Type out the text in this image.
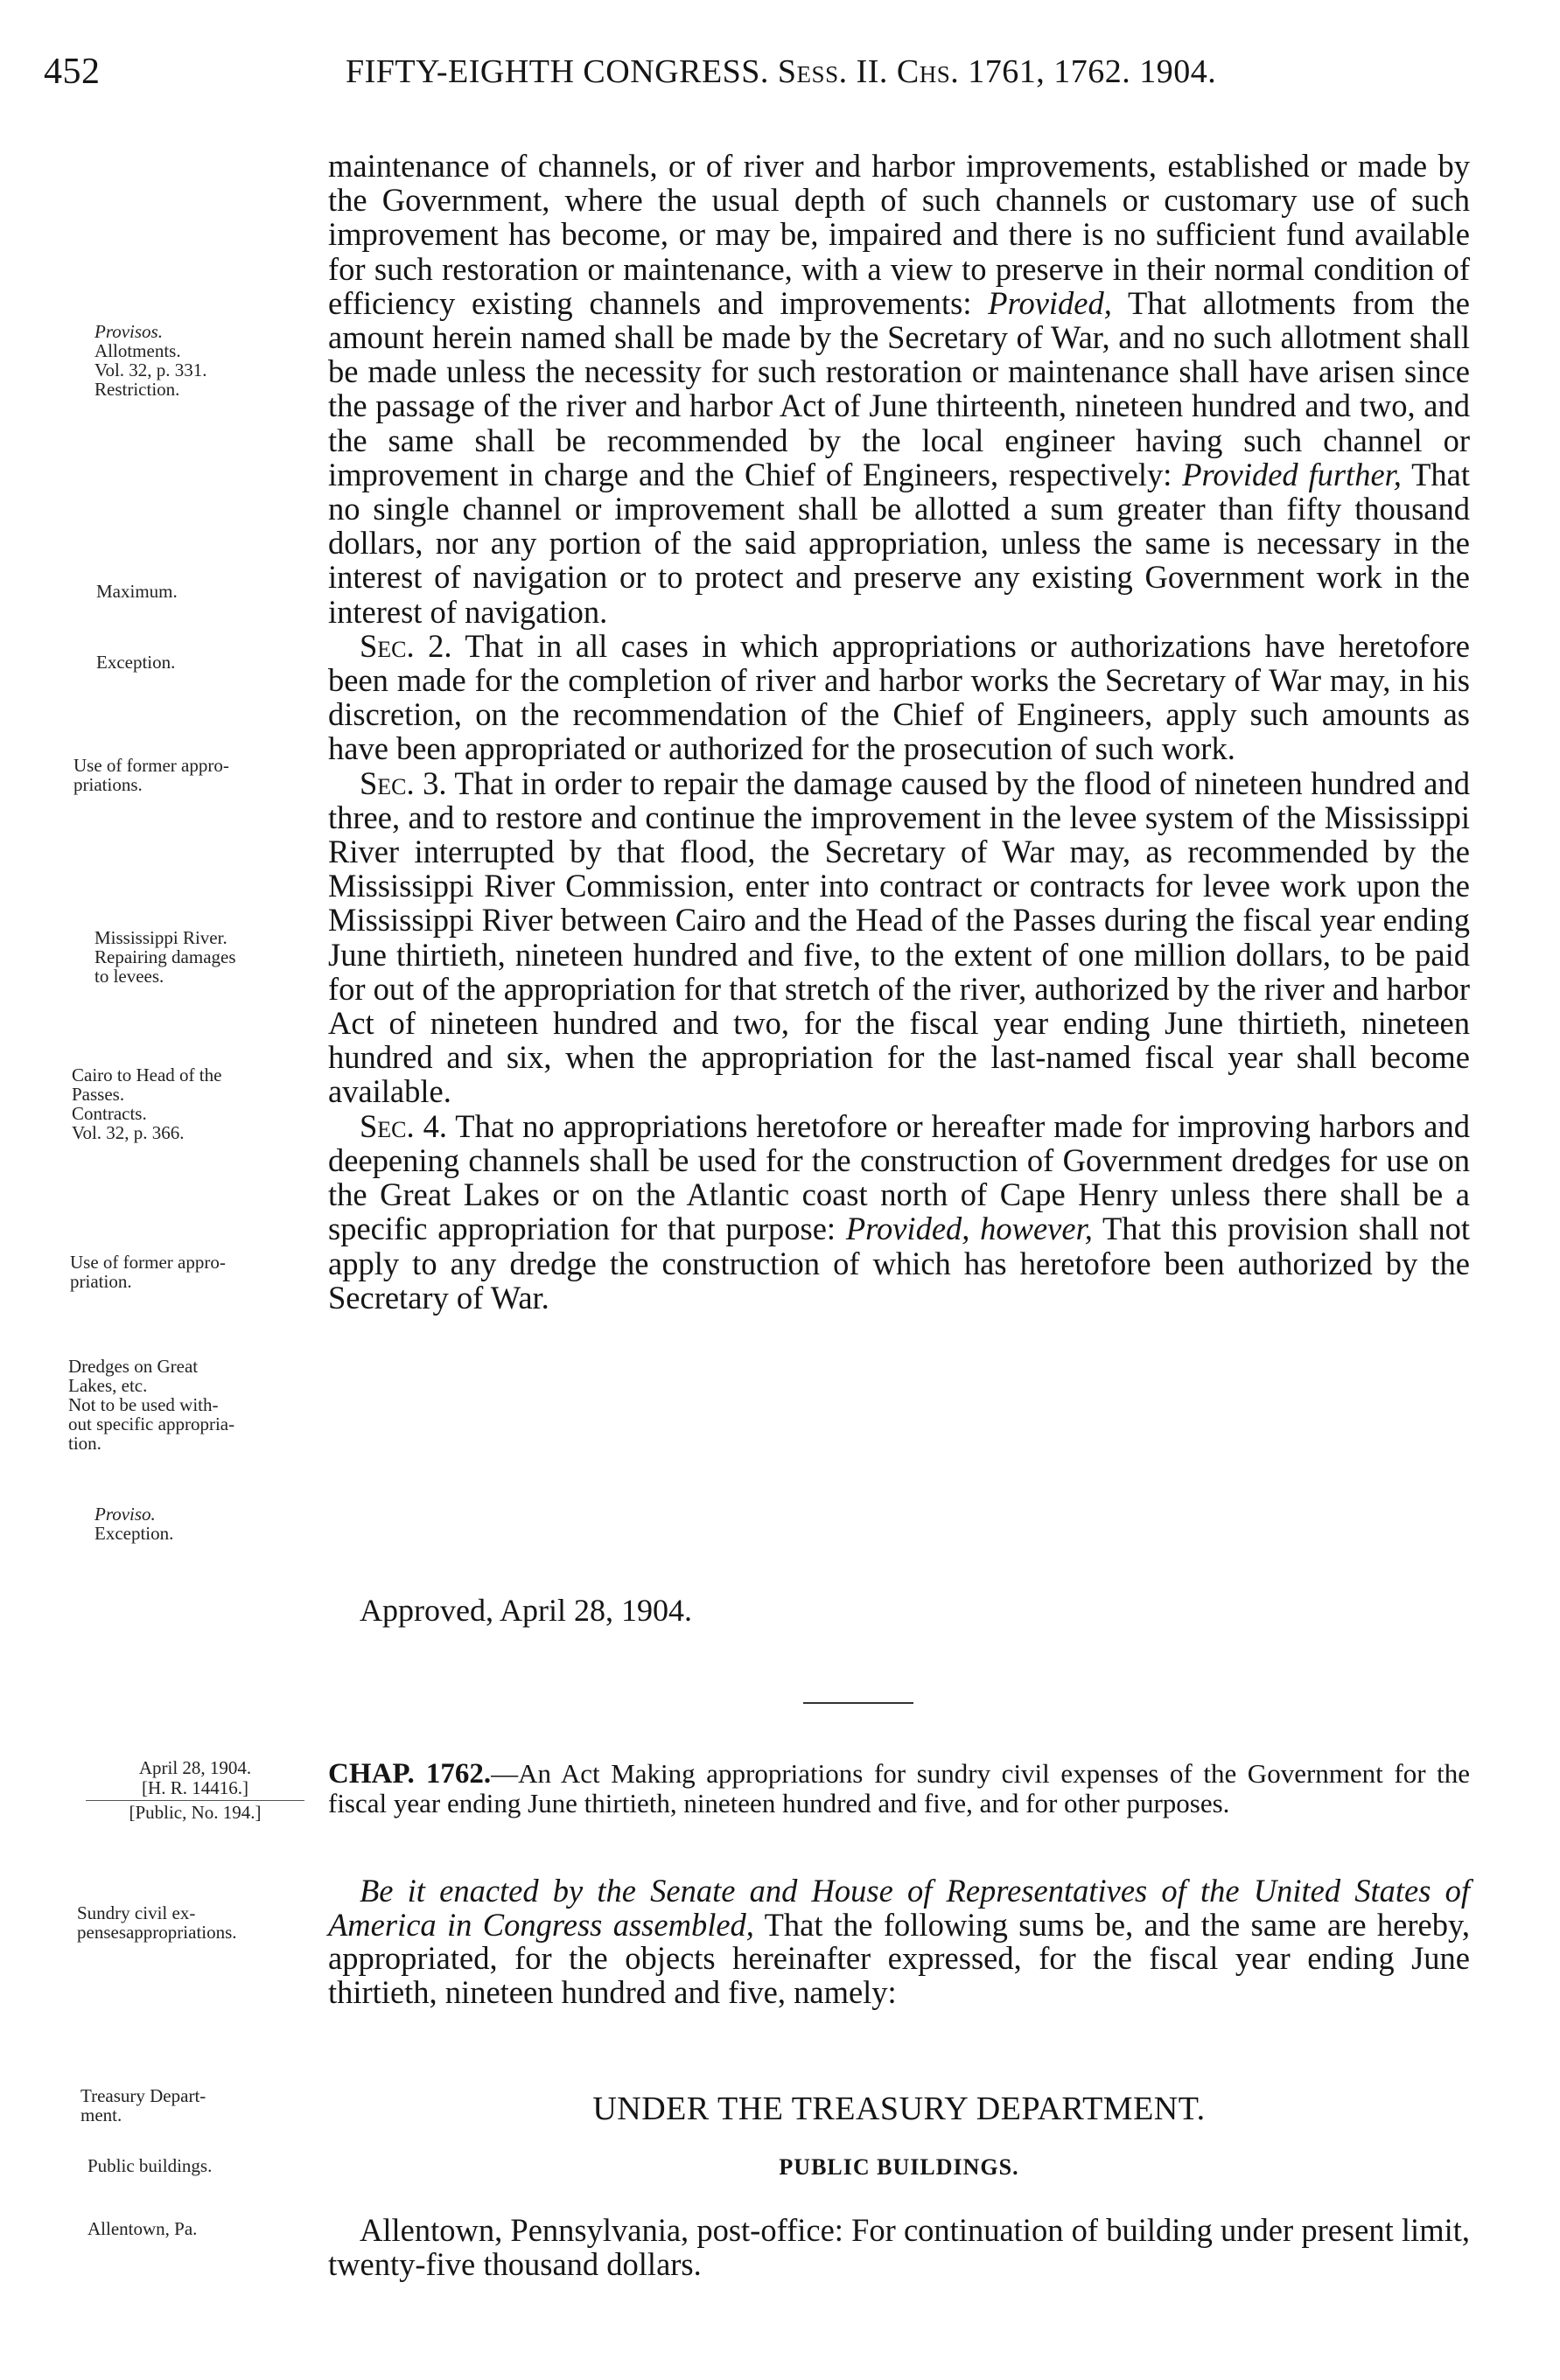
452	FIFTY-EIGHTH CONGRESS. Sess. II. Chs. 1761, 1762. 1904.

maintenance of channels, or of river and harbor improvements, established or made by the Government, where the usual depth of such channels or customary use of such improvement has become, or may be, impaired and there is no sufficient fund available for such restoration or maintenance, with a view to preserve in their normal condition of efficiency existing channels and improvements: Provided, That allotments from the amount herein named shall be made by the Secretary of War, and no such allotment shall be made unless the necessity for such restoration or maintenance shall have arisen since the passage of the river and harbor Act of June thirteenth, nineteen hundred and two, and the same shall be recommended by the local engineer having such channel or improvement in charge and the Chief of Engineers, respectively: Provided further, That no single channel or improvement shall be allotted a sum greater than fifty thousand dollars, nor any portion of the said appropriation, unless the same is necessary in the interest of navigation or to protect and preserve any existing Government work in the interest of navigation.

Sec. 2. That in all cases in which appropriations or authorizations have heretofore been made for the completion of river and harbor works the Secretary of War may, in his discretion, on the recommendation of the Chief of Engineers, apply such amounts as have been appropriated or authorized for the prosecution of such work.

Sec. 3. That in order to repair the damage caused by the flood of nineteen hundred and three, and to restore and continue the improvement in the levee system of the Mississippi River interrupted by that flood, the Secretary of War may, as recommended by the Mississippi River Commission, enter into contract or contracts for levee work upon the Mississippi River between Cairo and the Head of the Passes during the fiscal year ending June thirtieth, nineteen hundred and five, to the extent of one million dollars, to be paid for out of the appropriation for that stretch of the river, authorized by the river and harbor Act of nineteen hundred and two, for the fiscal year ending June thirtieth, nineteen hundred and six, when the appropriation for the last-named fiscal year shall become available.

Sec. 4. That no appropriations heretofore or hereafter made for improving harbors and deepening channels shall be used for the construction of Government dredges for use on the Great Lakes or on the Atlantic coast north of Cape Henry unless there shall be a specific appropriation for that purpose: Provided, however, That this provision shall not apply to any dredge the construction of which has heretofore been authorized by the Secretary of War.

Approved, April 28, 1904.
April 28, 1904.
[H. R. 14416.]
[Public, No. 194.]
CHAP. 1762.—An Act Making appropriations for sundry civil expenses of the Government for the fiscal year ending June thirtieth, nineteen hundred and five, and for other purposes.

Be it enacted by the Senate and House of Representatives of the United States of America in Congress assembled, That the following sums be, and the same are hereby, appropriated, for the objects hereinafter expressed, for the fiscal year ending June thirtieth, nineteen hundred and five, namely:

UNDER THE TREASURY DEPARTMENT.
PUBLIC BUILDINGS.

Allentown, Pennsylvania, post-office: For continuation of building under present limit, twenty-five thousand dollars.

Provisos.
Allotments.
Vol. 32, p. 331.
Restriction.
Maximum.
Exception.
Use of former appro-
priations.
Mississippi River.
Repairing damages
to levees.
Cairo to Head of the
Passes.
Contracts.
Vol. 32, p. 366.
Use of former appro-
priation.
Dredges on Great
Lakes, etc.
Not to be used with-
out specific appropria-
tion.
Proviso.
Exception.
Sundry civil ex-
pensesappropriations.
Treasury Depart-
ment.
Public buildings.
Allentown, Pa.
